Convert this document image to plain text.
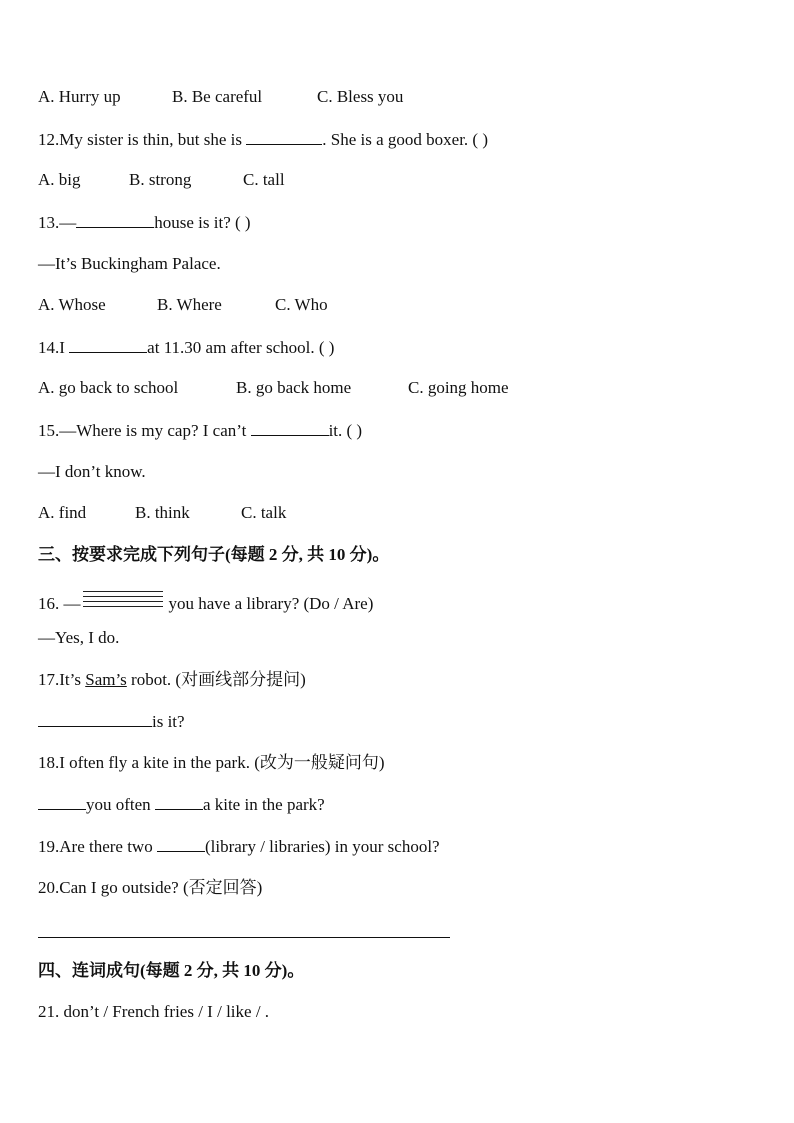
A. Hurry up	B. Be careful	C. Bless you
12.My sister is thin, but she is	. She is a good boxer. ( )
A. big	B. strong	C. tall
13.—	house is it? ( )
—It’s Buckingham Palace.
A. Whose	B. Where	C. Who
14.I	at 11.30 am after school. ( )
A. go back to school	B. go back home	C. going home
15.—Where is my cap? I can’t	it. ( )
—I don’t know.
A. find	B. think	C. talk
三、按要求完成下列句子(每题 2 分, 共 10 分)。
16. —	you have a library? (Do / Are)
—Yes, I do.
17.It’s Sam’s robot. (对画线部分提问)
is it?
18.I often fly a kite in the park. (改为一般疑问句)
you often	a kite in the park?
19.Are there two	(library / libraries) in your school?
20.Can I go outside? (否定回答)
四、连词成句(每题 2 分, 共 10 分)。
21. don’t / French fries / I / like / .
